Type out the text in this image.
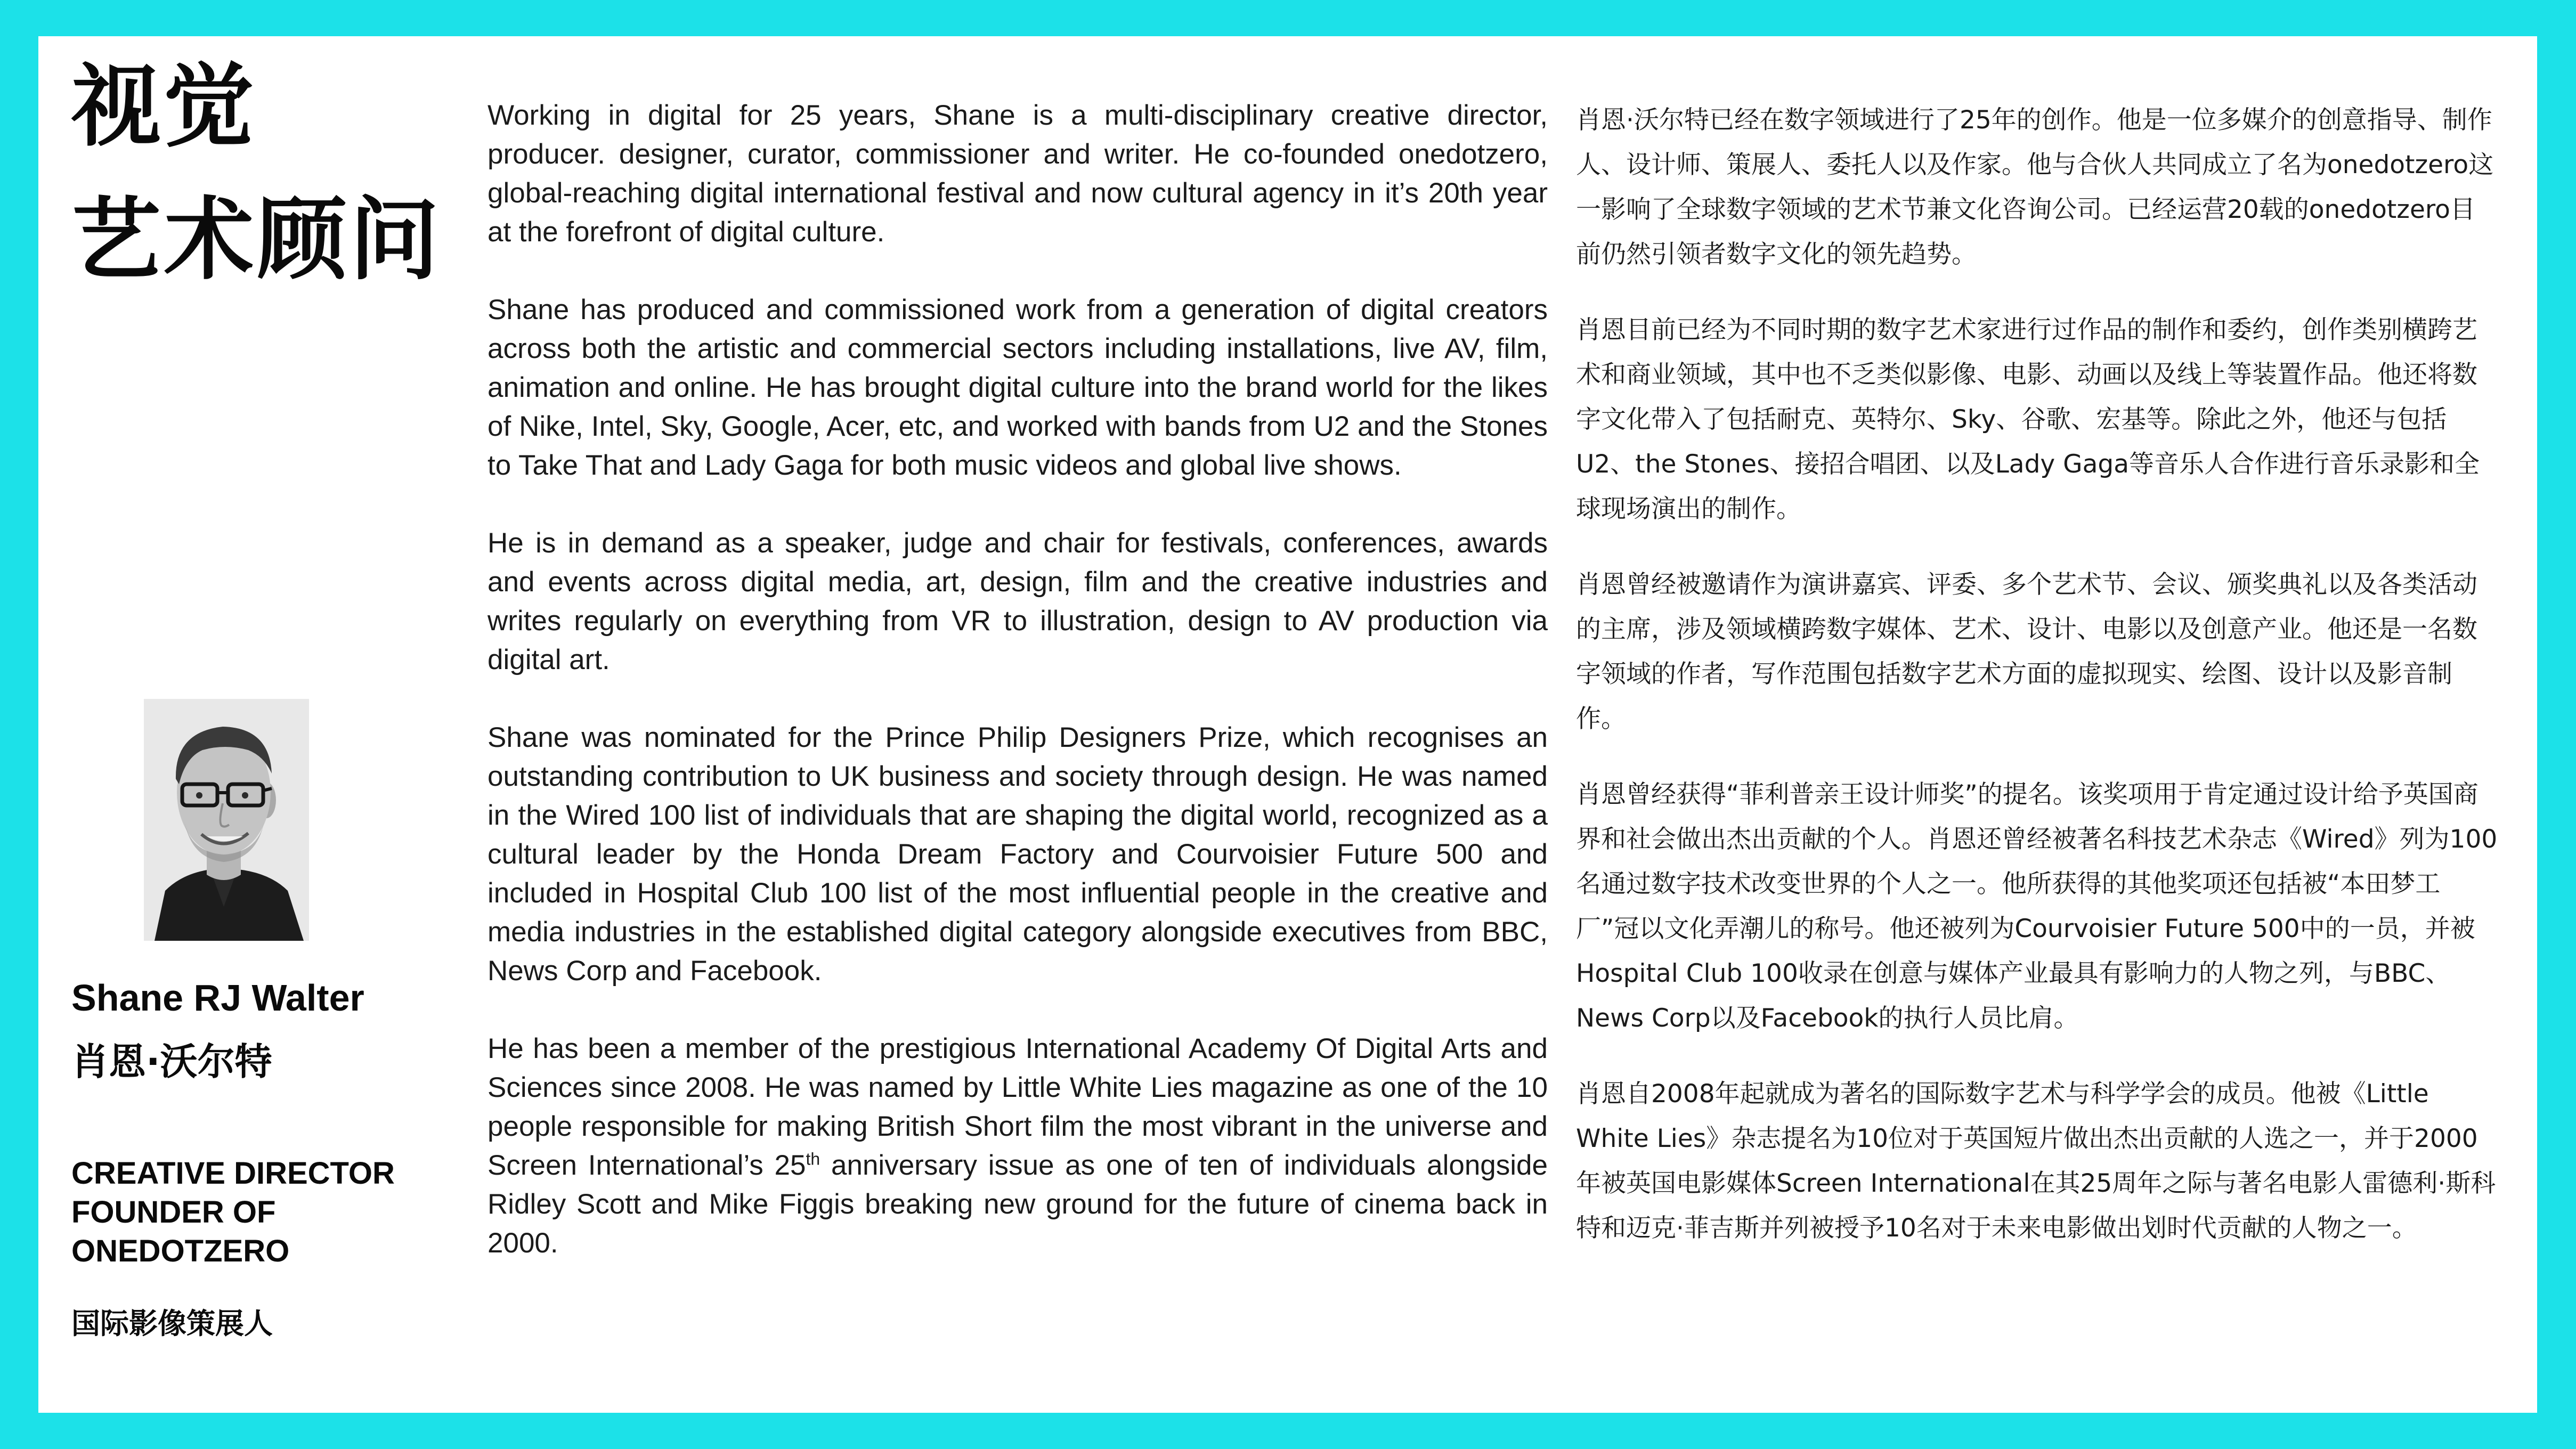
视觉
艺术顾问
Shane RJ Walter
肖恩·沃尔特
CREATIVE DIRECTOR
FOUNDER OF
ONEDOTZERO

国际影像策展人

Working in digital for 25 years, Shane is a multi-disciplinary creative director, producer. designer, curator, commissioner and writer. He co-founded onedotzero, global-reaching digital international festival and now cultural agency in it’s 20th year at the forefront of digital culture.

Shane has produced and commissioned work from a generation of digital creators across both the artistic and commercial sectors including installations, live AV, film, animation and online. He has brought digital culture into the brand world for the likes of Nike, Intel, Sky, Google, Acer, etc, and worked with bands from U2 and the Stones to Take That and Lady Gaga for both music videos and global live shows.

He is in demand as a speaker, judge and chair for festivals, conferences, awards and events across digital media, art, design, film and the creative industries and writes regularly on everything from VR to illustration, design to AV production via digital art.

Shane was nominated for the Prince Philip Designers Prize, which recognises an outstanding contribution to UK business and society through design. He was named in the Wired 100 list of individuals that are shaping the digital world, recognized as a cultural leader by the Honda Dream Factory and Courvoisier Future 500 and included in Hospital Club 100 list of the most influential people in the creative and media industries in the established digital category alongside executives from BBC, News Corp and Facebook.

He has been a member of the prestigious International Academy Of Digital Arts and Sciences since 2008. He was named by Little White Lies magazine as one of the 10 people responsible for making British Short film the most vibrant in the universe and Screen International’s 25th anniversary issue as one of ten of individuals alongside Ridley Scott and Mike Figgis breaking new ground for the future of cinema back in 2000.

肖恩·沃尔特已经在数字领域进行了25年的创作。他是一位多媒介的创意指导、制作人、设计师、策展人、委托人以及作家。他与合伙人共同成立了名为onedotzero这一影响了全球数字领域的艺术节兼文化咨询公司。已经运营20载的onedotzero目前仍然引领者数字文化的领先趋势。

肖恩目前已经为不同时期的数字艺术家进行过作品的制作和委约，创作类别横跨艺术和商业领域，其中也不乏类似影像、电影、动画以及线上等装置作品。他还将数字文化带入了包括耐克、英特尔、Sky、谷歌、宏基等。除此之外，他还与包括U2、the Stones、接招合唱团、以及Lady Gaga等音乐人合作进行音乐录影和全球现场演出的制作。

肖恩曾经被邀请作为演讲嘉宾、评委、多个艺术节、会议、颁奖典礼以及各类活动的主席，涉及领域横跨数字媒体、艺术、设计、电影以及创意产业。他还是一名数字领域的作者，写作范围包括数字艺术方面的虚拟现实、绘图、设计以及影音制作。

肖恩曾经获得“菲利普亲王设计师奖”的提名。该奖项用于肯定通过设计给予英国商界和社会做出杰出贡献的个人。肖恩还曾经被著名科技艺术杂志《Wired》列为100名通过数字技术改变世界的个人之一。他所获得的其他奖项还包括被“本田梦工厂”冠以文化弄潮儿的称号。他还被列为Courvoisier Future 500中的一员，并被Hospital Club 100收录在创意与媒体产业最具有影响力的人物之列，与BBC、 News Corp以及Facebook的执行人员比肩。

肖恩自2008年起就成为著名的国际数字艺术与科学学会的成员。他被《Little White Lies》杂志提名为10位对于英国短片做出杰出贡献的人选之一，并于2000年被英国电影媒体Screen International在其25周年之际与著名电影人雷德利·斯科特和迈克·菲吉斯并列被授予10名对于未来电影做出划时代贡献的人物之一。
